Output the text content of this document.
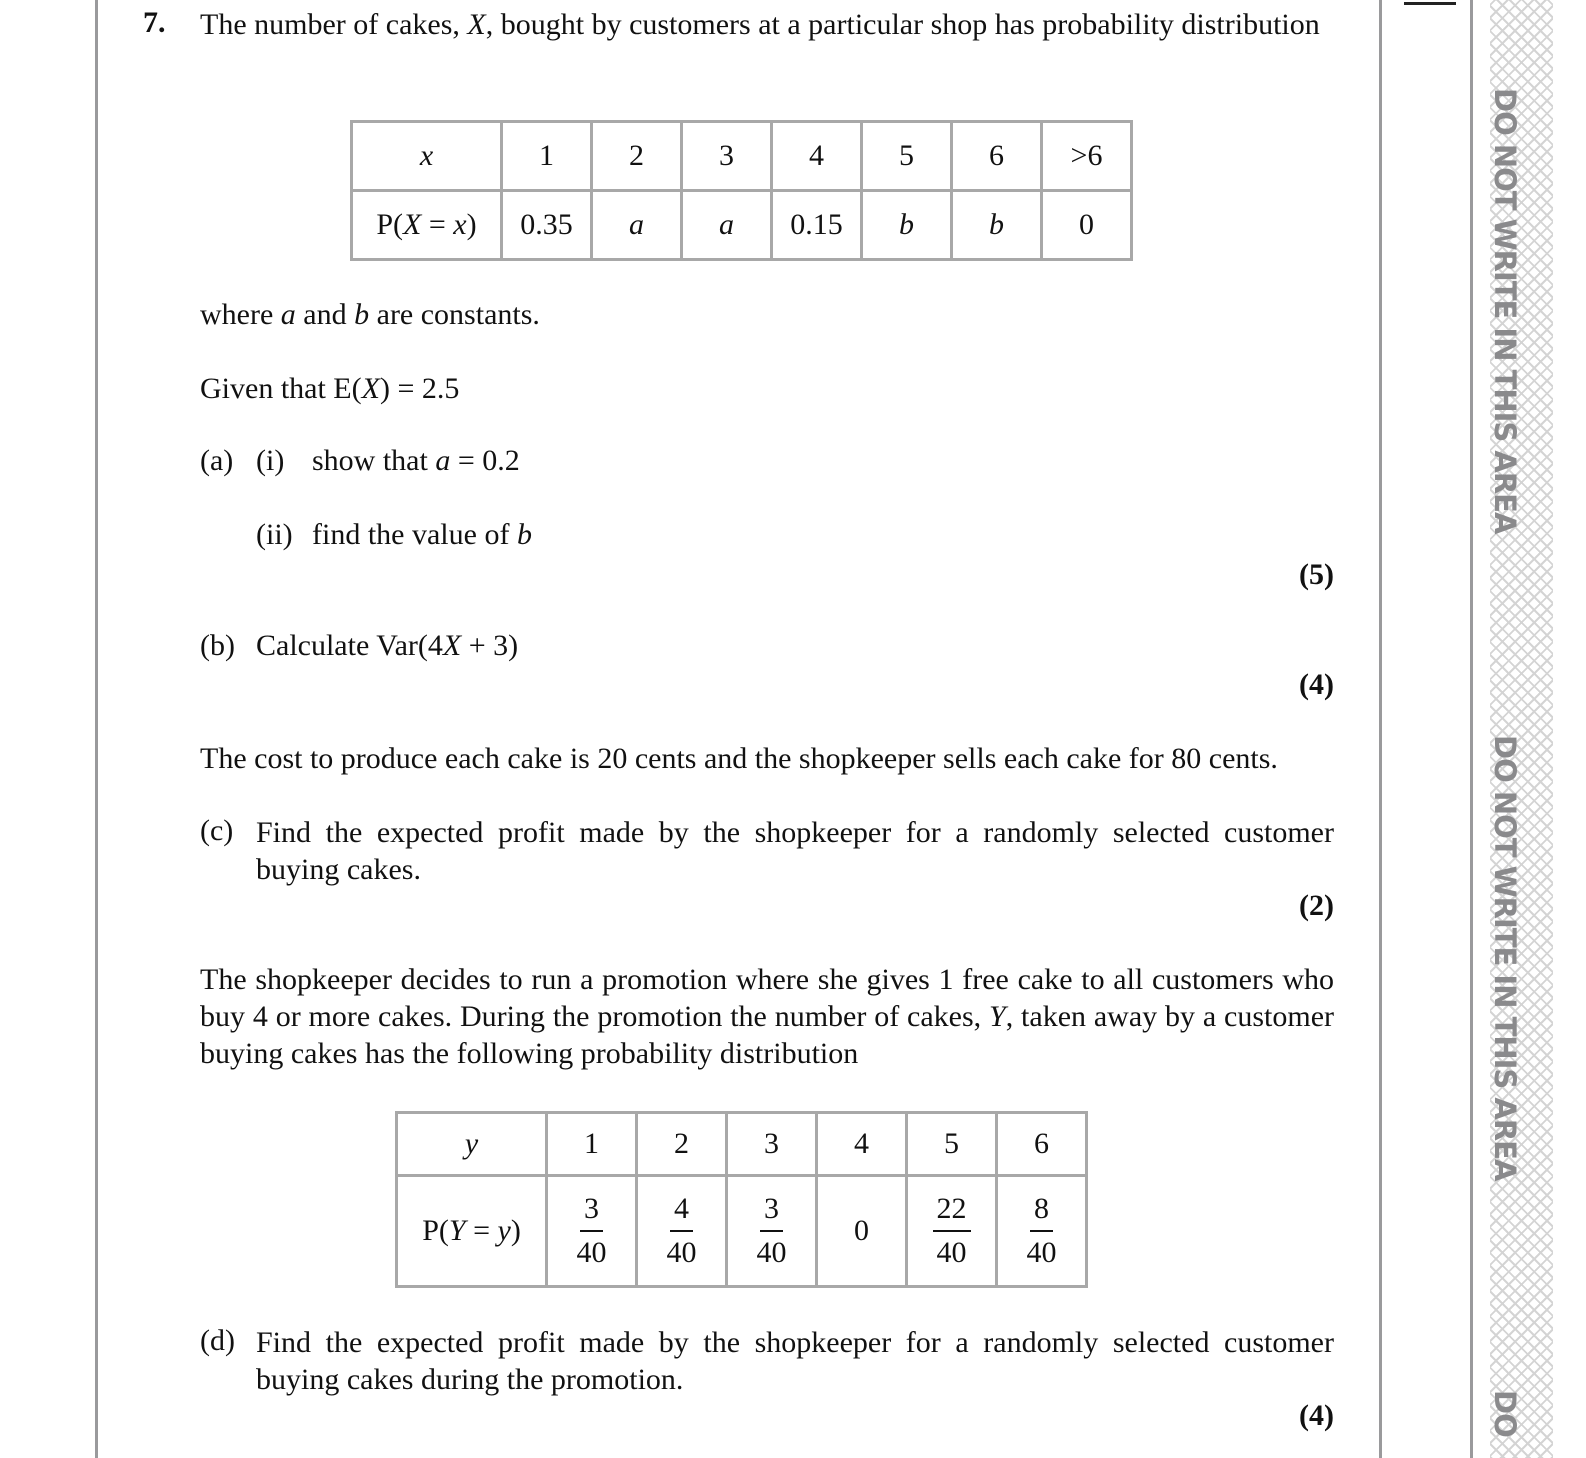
DO NOT WRITE IN THIS AREA
DO NOT WRITE IN THIS AREA
DO
7. The number of cakes, X, bought by customers at a particular shop has probability distribution
x	1	2	3	4	5	6	>6
P(X = x)	0.35	a	a	0.15	b	b	0
where a and b are constants.
Given that E(X) = 2.5
(a) (i) show that a = 0.2
(ii) find the value of b
(5)
(b) Calculate Var(4X + 3)
(4)
The cost to produce each cake is 20 cents and the shopkeeper sells each cake for 80 cents.
(c) Find the expected profit made by the shopkeeper for a randomly selected customer buying cakes.
(2)
The shopkeeper decides to run a promotion where she gives 1 free cake to all customers who buy 4 or more cakes. During the promotion the number of cakes, Y, taken away by a customer buying cakes has the following probability distribution
y	1	2	3	4	5	6
P(Y = y)	$\frac{3}{40}$	$\frac{4}{40}$	$\frac{3}{40}$	0	$\frac{22}{40}$	$\frac{8}{40}$
(d) Find the expected profit made by the shopkeeper for a randomly selected customer buying cakes during the promotion.
(4)
